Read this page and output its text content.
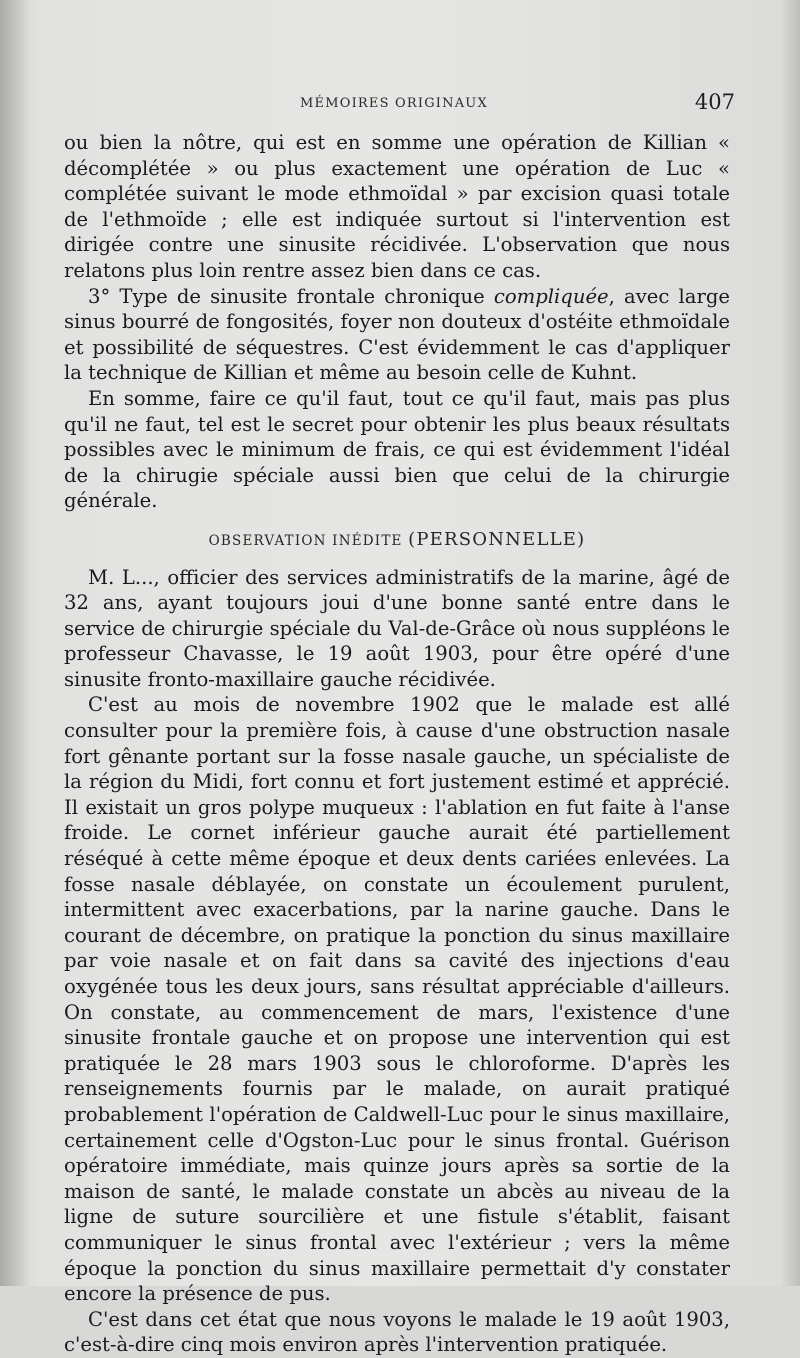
MÉMOIRES ORIGINAUX	407

ou bien la nôtre, qui est en somme une opération de Killian « décomplétée » ou plus exactement une opération de Luc « complétée suivant le mode ethmoïdal » par excision quasi totale de l'ethmoïde ; elle est indiquée surtout si l'intervention est dirigée contre une sinusite récidivée. L'observation que nous relatons plus loin rentre assez bien dans ce cas.

3° Type de sinusite frontale chronique compliquée, avec large sinus bourré de fongosités, foyer non douteux d'ostéite ethmoïdale et possibilité de séquestres. C'est évidemment le cas d'appliquer la technique de Killian et même au besoin celle de Kuhnt.

En somme, faire ce qu'il faut, tout ce qu'il faut, mais pas plus qu'il ne faut, tel est le secret pour obtenir les plus beaux résultats possibles avec le minimum de frais, ce qui est évidemment l'idéal de la chirugie spéciale aussi bien que celui de la chirurgie générale.

OBSERVATION INÉDITE (PERSONNELLE)

M. L..., officier des services administratifs de la marine, âgé de 32 ans, ayant toujours joui d'une bonne santé entre dans le service de chirurgie spéciale du Val-de-Grâce où nous suppléons le professeur Chavasse, le 19 août 1903, pour être opéré d'une sinusite fronto-maxillaire gauche récidivée.

C'est au mois de novembre 1902 que le malade est allé consulter pour la première fois, à cause d'une obstruction nasale fort gênante portant sur la fosse nasale gauche, un spécialiste de la région du Midi, fort connu et fort justement estimé et apprécié. Il existait un gros polype muqueux : l'ablation en fut faite à l'anse froide. Le cornet inférieur gauche aurait été partiellement réséqué à cette même époque et deux dents cariées enlevées. La fosse nasale déblayée, on constate un écoulement purulent, intermittent avec exacerbations, par la narine gauche. Dans le courant de décembre, on pratique la ponction du sinus maxillaire par voie nasale et on fait dans sa cavité des injections d'eau oxygénée tous les deux jours, sans résultat appréciable d'ailleurs. On constate, au commencement de mars, l'existence d'une sinusite frontale gauche et on propose une intervention qui est pratiquée le 28 mars 1903 sous le chloroforme. D'après les renseignements fournis par le malade, on aurait pratiqué probablement l'opération de Caldwell-Luc pour le sinus maxillaire, certainement celle d'Ogston-Luc pour le sinus frontal. Guérison opératoire immédiate, mais quinze jours après sa sortie de la maison de santé, le malade constate un abcès au niveau de la ligne de suture sourcilière et une fistule s'établit, faisant communiquer le sinus frontal avec l'extérieur ; vers la même époque la ponction du sinus maxillaire permettait d'y constater encore la présence de pus.

C'est dans cet état que nous voyons le malade le 19 août 1903, c'est-à-dire cinq mois environ après l'intervention pratiquée.
